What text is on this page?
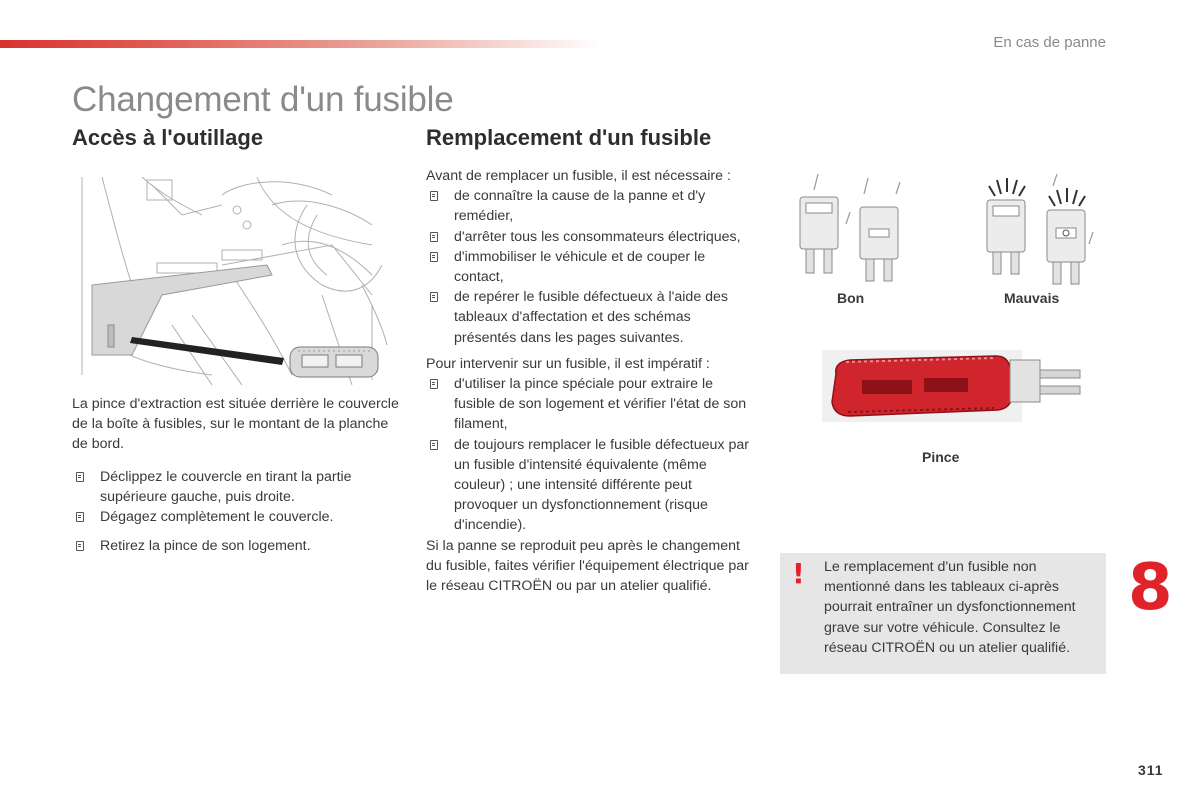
En cas de panne
Changement d'un fusible
Accès à l'outillage	Remplacement d'un fusible
La pince d'extraction est située derrière le couvercle de la boîte à fusibles, sur le montant de la planche de bord.
Déclippez le couvercle en tirant la partie supérieure gauche, puis droite.
Dégagez complètement le couvercle.
Retirez la pince de son logement.
Avant de remplacer un fusible, il est nécessaire :
de connaître la cause de la panne et d'y remédier,
d'arrêter tous les consommateurs électriques,
d'immobiliser le véhicule et de couper le contact,
de repérer le fusible défectueux à l'aide des tableaux d'affectation et des schémas présentés dans les pages suivantes.
Pour intervenir sur un fusible, il est impératif :
d'utiliser la pince spéciale pour extraire le fusible de son logement et vérifier l'état de son filament,
de toujours remplacer le fusible défectueux par un fusible d'intensité équivalente (même couleur) ; une intensité différente peut provoquer un dysfonctionnement (risque d'incendie).
Si la panne se reproduit peu après le changement du fusible, faites vérifier l'équipement électrique par le réseau CITROËN ou par un atelier qualifié.
Bon	Mauvais
Pince
! Le remplacement d'un fusible non mentionné dans les tableaux ci-après pourrait entraîner un dysfonctionnement grave sur votre véhicule. Consultez le réseau CITROËN ou un atelier qualifié.
8
311
